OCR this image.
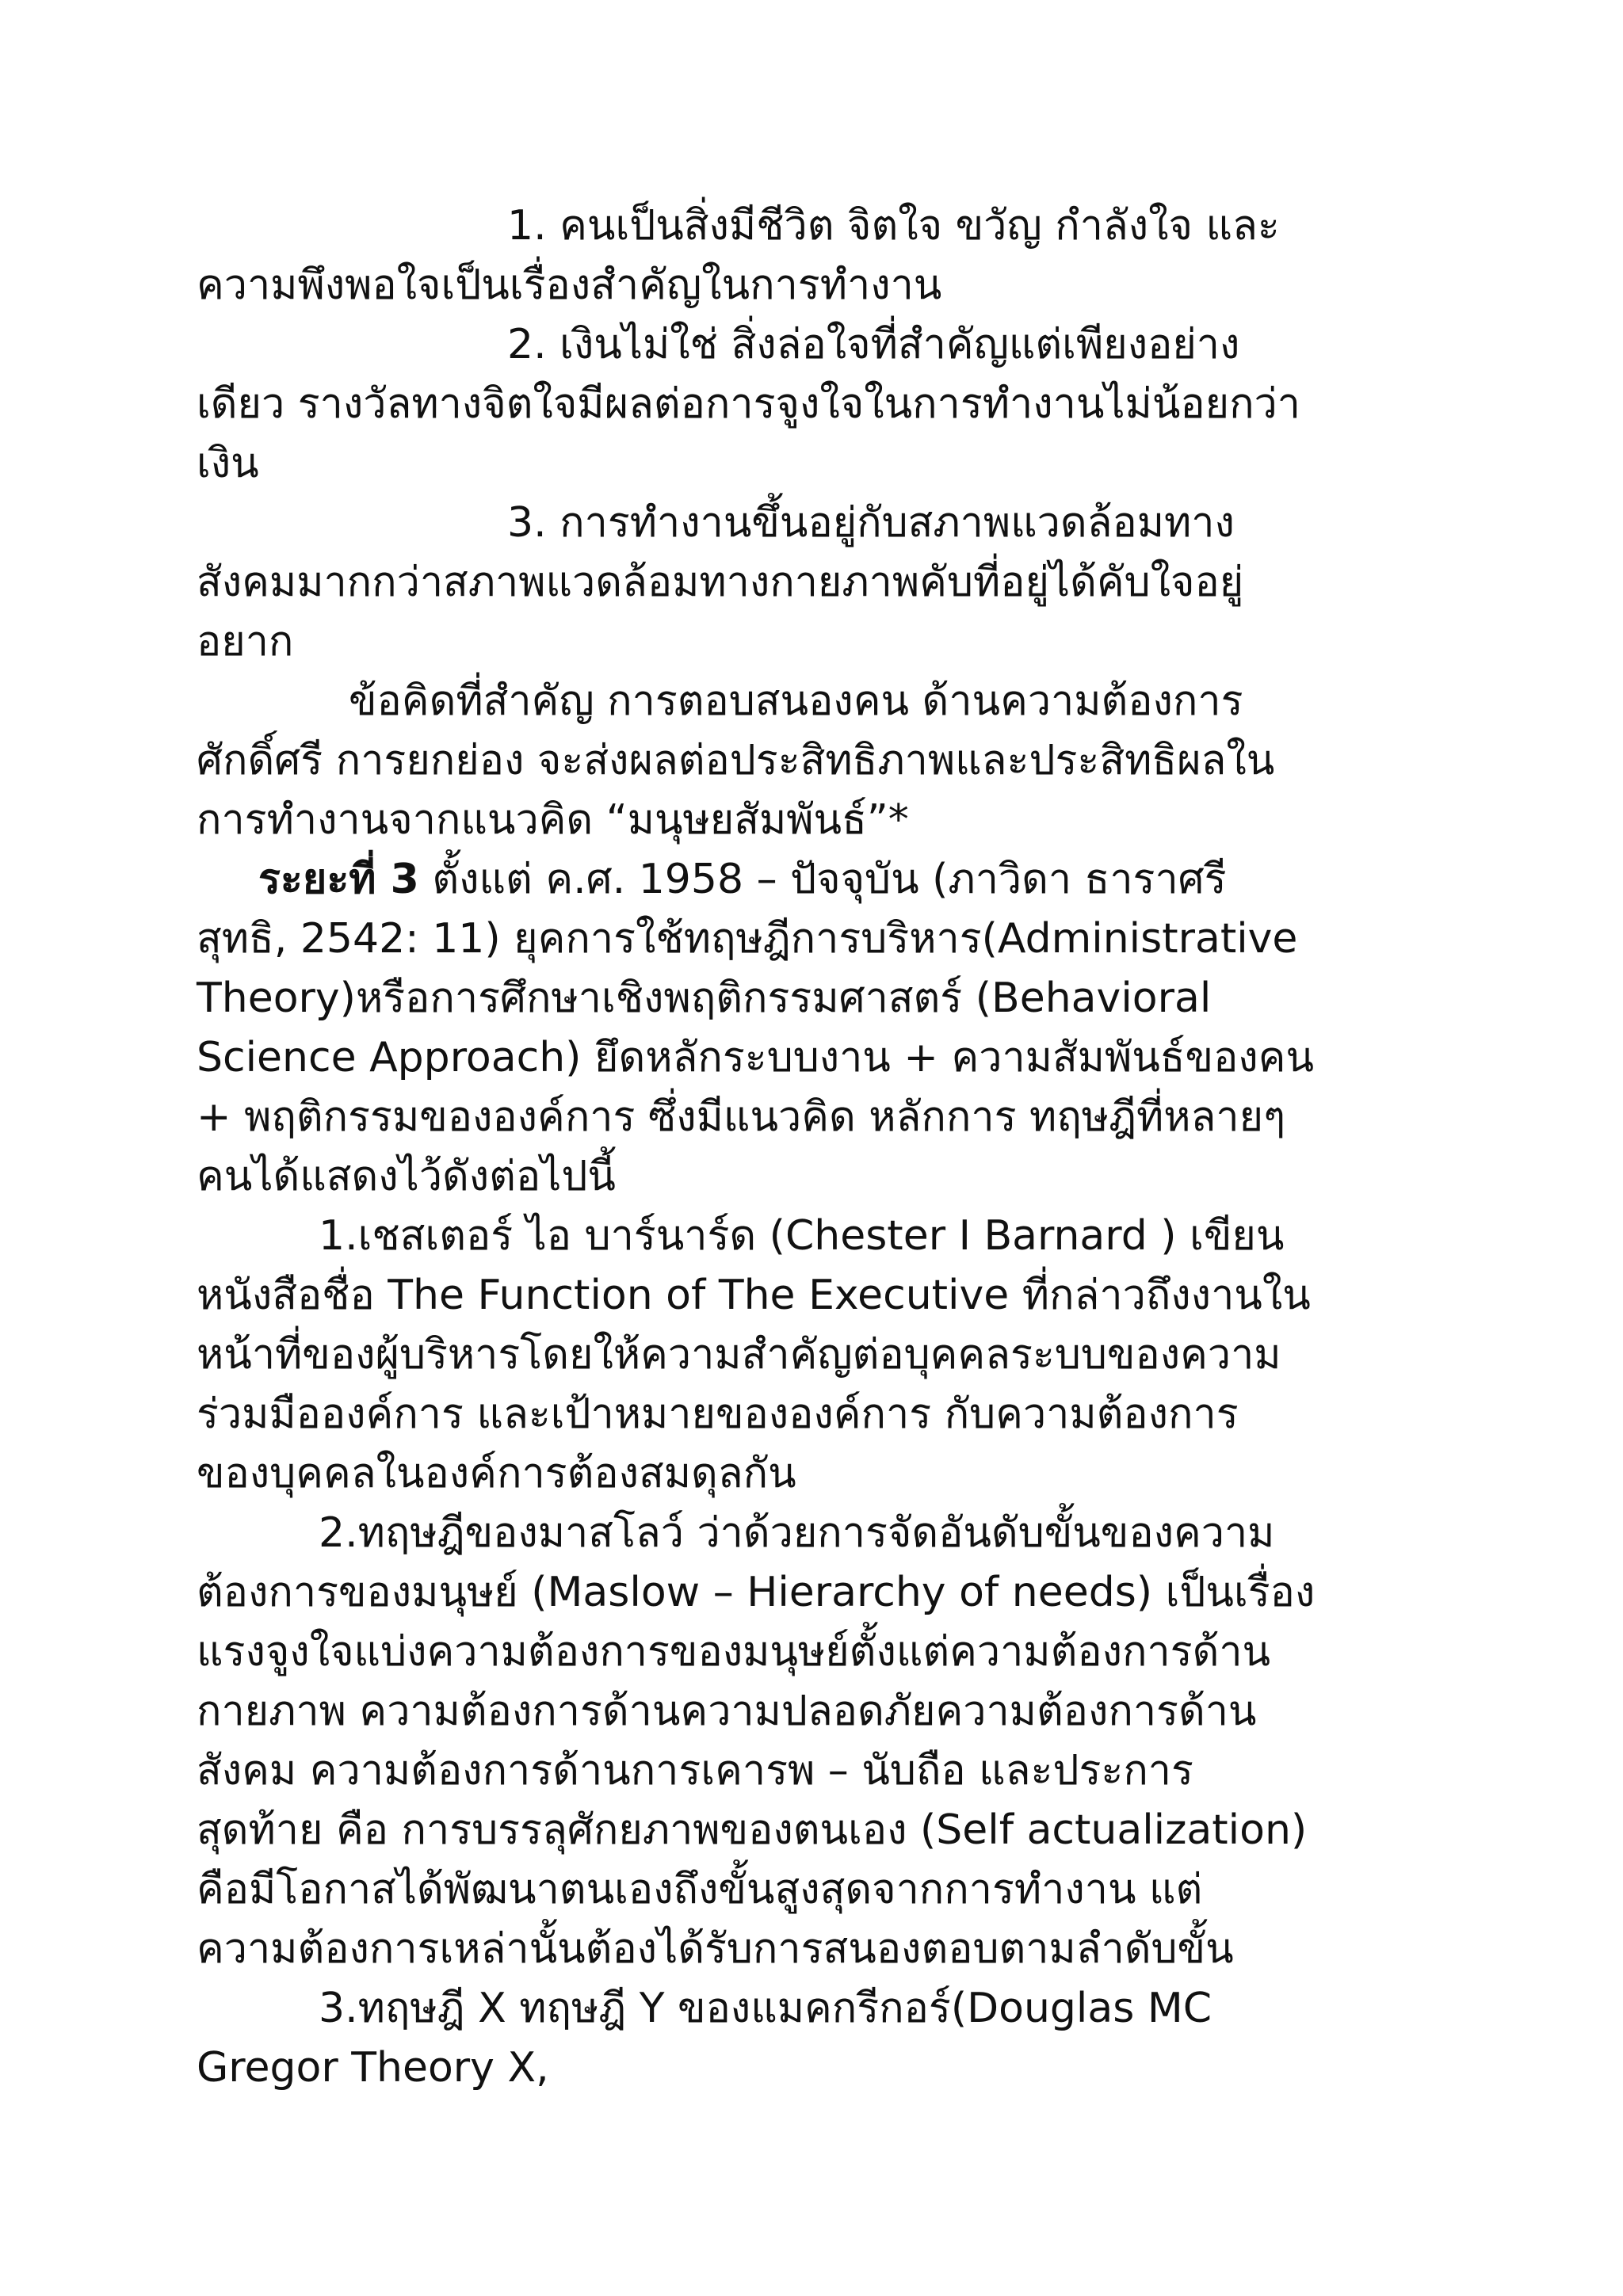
1. คนเป็นสิ่งมีชีวิต จิตใจ ขวัญ กำลังใจ และ
ความพึงพอใจเป็นเรื่องสำคัญในการทำงาน
2. เงินไม่ใช่ สิ่งล่อใจที่สำคัญแต่เพียงอย่าง
เดียว รางวัลทางจิตใจมีผลต่อการจูงใจในการทำงานไม่น้อยกว่า
เงิน
3. การทำงานขึ้นอยู่กับสภาพแวดล้อมทาง
สังคมมากกว่าสภาพแวดล้อมทางกายภาพคับที่อยู่ได้คับใจอยู่
อยาก
ข้อคิดที่สำคัญ การตอบสนองคน ด้านความต้องการ
ศักดิ์ศรี การยกย่อง จะส่งผลต่อประสิทธิภาพและประสิทธิผลใน
การทำงานจากแนวคิด “มนุษยสัมพันธ์”*
ระยะที่ 3 ตั้งแต่ ค.ศ. 1958 – ปัจจุบัน (ภาวิดา ธาราศรี
สุทธิ, 2542: 11) ยุคการใช้ทฤษฎีการบริหาร(Administrative
Theory)หรือการศึกษาเชิงพฤติกรรมศาสตร์ (Behavioral
Science Approach) ยึดหลักระบบงาน + ความสัมพันธ์ของคน
+ พฤติกรรมขององค์การ ซึ่งมีแนวคิด หลักการ ทฤษฎีที่หลายๆ
คนได้แสดงไว้ดังต่อไปนี้
1.เชสเตอร์ ไอ บาร์นาร์ด (Chester I Barnard ) เขียน
หนังสือชื่อ The Function of The Executive ที่กล่าวถึงงานใน
หน้าที่ของผู้บริหารโดยให้ความสำคัญต่อบุคคลระบบของความ
ร่วมมือองค์การ และเป้าหมายขององค์การ กับความต้องการ
ของบุคคลในองค์การต้องสมดุลกัน
2.ทฤษฎีของมาสโลว์ ว่าด้วยการจัดอันดับขั้นของความ
ต้องการของมนุษย์ (Maslow – Hierarchy of needs) เป็นเรื่อง
แรงจูงใจแบ่งความต้องการของมนุษย์ตั้งแต่ความต้องการด้าน
กายภาพ ความต้องการด้านความปลอดภัยความต้องการด้าน
สังคม ความต้องการด้านการเคารพ – นับถือ และประการ
สุดท้าย คือ การบรรลุศักยภาพของตนเอง (Self actualization)
คือมีโอกาสได้พัฒนาตนเองถึงขั้นสูงสุดจากการทำงาน แต่
ความต้องการเหล่านั้นต้องได้รับการสนองตอบตามลำดับขั้น
3.ทฤษฎี X ทฤษฎี Y ของแมคกรีกอร์(Douglas MC
Gregor Theory X,
